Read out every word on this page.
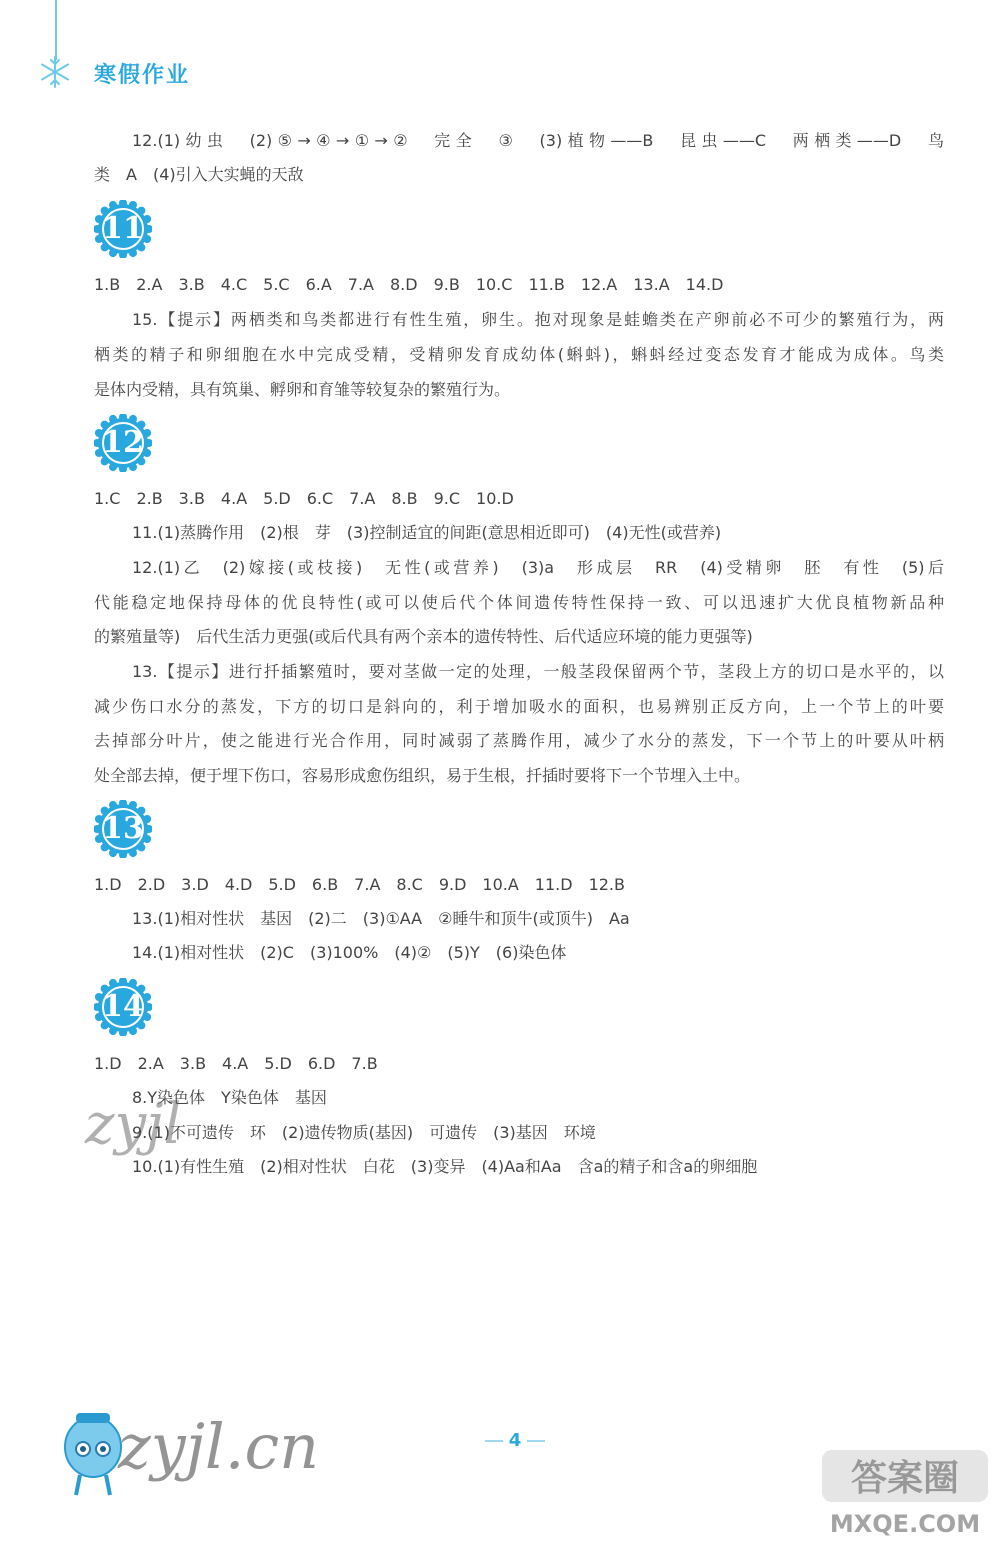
寒假作业
12.(1)幼虫　(2)⑤→④→①→②　完全　③　(3)植物——B　昆虫——C　两栖类——D　鸟
类　A　(4)引入大实蝇的天敌
11
1.B　2.A　3.B　4.C　5.C　6.A　7.A　8.D　9.B　10.C　11.B　12.A　13.A　14.D
15.【提示】两栖类和鸟类都进行有性生殖，卵生。抱对现象是蛙蟾类在产卵前必不可少的繁殖行为，两
栖类的精子和卵细胞在水中完成受精，受精卵发育成幼体(蝌蚪)，蝌蚪经过变态发育才能成为成体。鸟类
是体内受精，具有筑巢、孵卵和育雏等较复杂的繁殖行为。
12
1.C　2.B　3.B　4.A　5.D　6.C　7.A　8.B　9.C　10.D
11.(1)蒸腾作用　(2)根　芽　(3)控制适宜的间距(意思相近即可)　(4)无性(或营养)
12.(1)乙　(2)嫁接(或枝接)　无性(或营养)　(3)a　形成层　RR　(4)受精卵　胚　有性　(5)后
代能稳定地保持母体的优良特性(或可以使后代个体间遗传特性保持一致、可以迅速扩大优良植物新品种
的繁殖量等)　后代生活力更强(或后代具有两个亲本的遗传特性、后代适应环境的能力更强等)
13.【提示】进行扦插繁殖时，要对茎做一定的处理，一般茎段保留两个节，茎段上方的切口是水平的，以
减少伤口水分的蒸发，下方的切口是斜向的，利于增加吸水的面积，也易辨别正反方向，上一个节上的叶要
去掉部分叶片，使之能进行光合作用，同时减弱了蒸腾作用，减少了水分的蒸发，下一个节上的叶要从叶柄
处全部去掉，便于埋下伤口，容易形成愈伤组织，易于生根，扦插时要将下一个节埋入土中。
13
1.D　2.D　3.D　4.D　5.D　6.B　7.A　8.C　9.D　10.A　11.D　12.B
13.(1)相对性状　基因　(2)二　(3)①AA　②睡牛和顶牛(或顶牛)　Aa
14.(1)相对性状　(2)C　(3)100%　(4)②　(5)Y　(6)染色体
14
1.D　2.A　3.B　4.A　5.D　6.D　7.B
8.Y染色体　Y染色体　基因
9.(1)不可遗传　环　(2)遗传物质(基因)　可遗传　(3)基因　环境
10.(1)有性生殖　(2)相对性状　白花　(3)变异　(4)Aa和Aa　含a的精子和含a的卵细胞
zyjl
zyjl.cn	4
答案圈
MXQE.COM
